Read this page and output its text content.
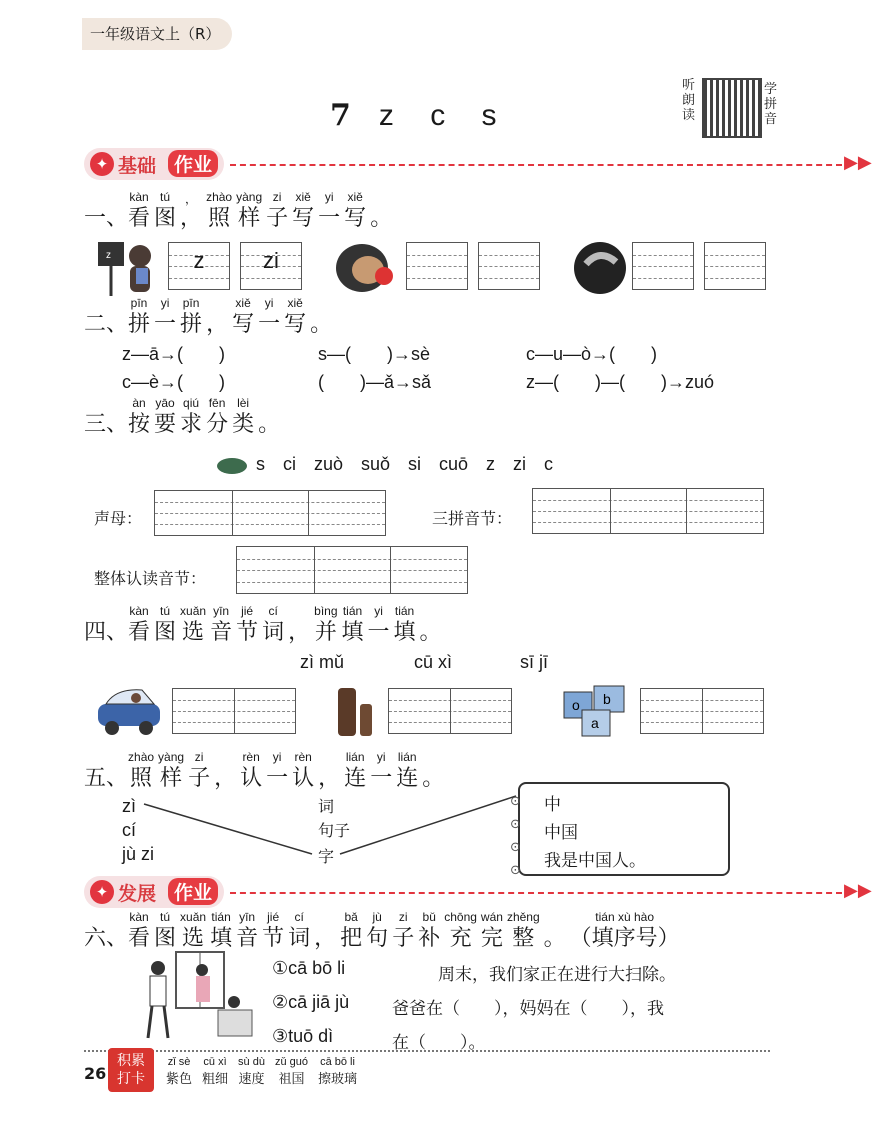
一年级语文上（R）
7 z c s
听朗读
学拼音
✦ 基础 作业	▶▶
一、
kàn
看
tú
图
，
，
zhào
照
yàng
样
zi
子
xiě
写
yi
一
xiě
写 。
z	z	zi
二、
pīn
拼
yi
一
pīn
拼 ，
xiě
写
yi
一
xiě
写 。
z—ā→(　　)	s—(　　)→sè	c—u—ò→(　　)
c—è→(　　)	(　　)—ǎ→sǎ	z—(　　)—(　　)→zuó
三、
àn
按
yāo
要
qiú
求
fēn
分
lèi
类 。
s　ci　zuò　suǒ　si　cuō　z　zi　c
声母：	三拼音节：
整体认读音节：
四、
kàn
看
tú
图
xuǎn
选
yīn
音
jié
节
cí
词 ，
bìng
并
tián
填
yi
一
tián
填 。
zì mǔ	cū xì	sī jī
o b
a
五、
zhào
照
yàng
样
zi
子 ，
rèn
认
yi
一
rèn
认 ，
lián
连
yi
一
lián
连 。
zì
cí
jù zi
词
句子
字
⊙
⊙
⊙
⊙
中
中国
我是中国人。
✦ 发展 作业	▶▶
六、
kàn
看
tú
图
xuǎn
选
tián
填
yīn
音
jié
节
cí
词 ，
bǎ
把
jù
句
zi
子
bǔ
补
chōng
充
wán
完
zhěng
整 。
tián xù hào
（填序号）
①cā bō li
②cā jiā jù
③tuō dì
周末，我们家正在进行大扫除。
爸爸在（　　），妈妈在（　　），我
在（　　）。
26
积累
打卡
zǐ sè
紫色
cū xì
粗细
sù dù
速度
zǔ guó
祖国
cā bō li
擦玻璃
